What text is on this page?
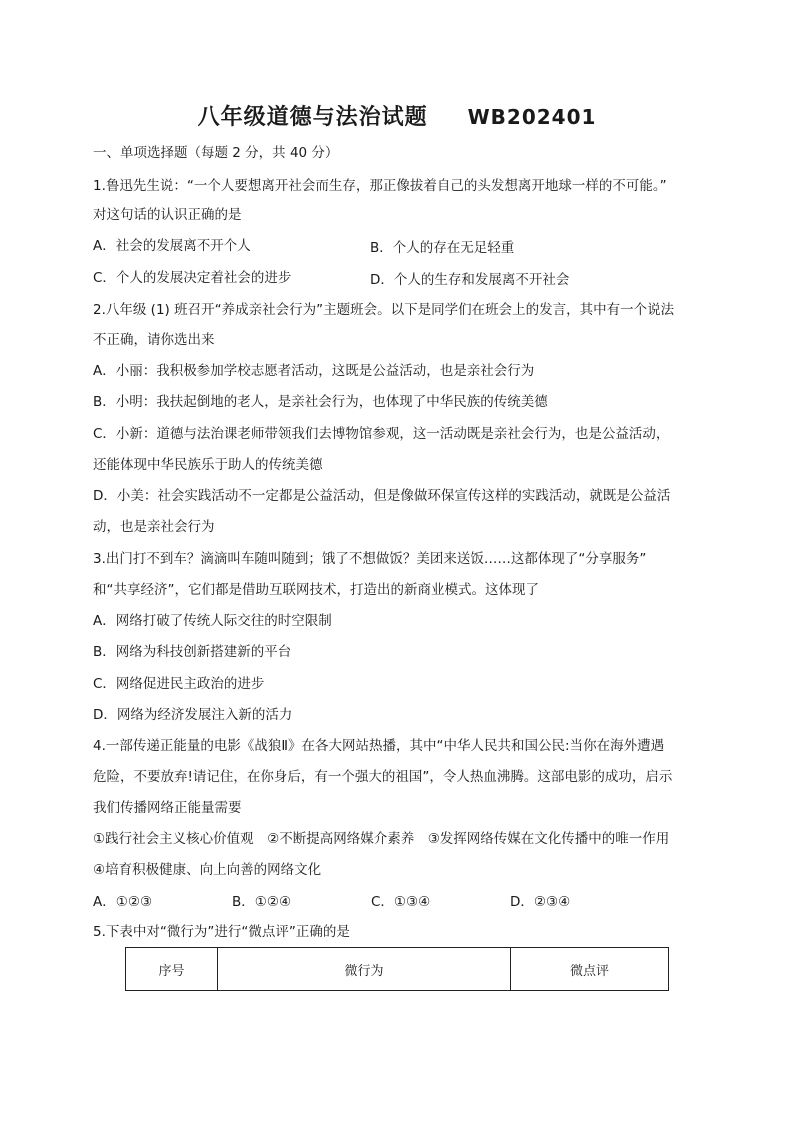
八年级道德与法治试题 WB202401
一、单项选择题（每题 2 分，共 40 分）
1.鲁迅先生说：“一个人要想离开社会而生存，那正像拔着自己的头发想离开地球一样的不可能。”
对这句话的认识正确的是
A．社会的发展离不开个人	B．个人的存在无足轻重
C．个人的发展决定着社会的进步	D．个人的生存和发展离不开社会
2.八年级 (1) 班召开“养成亲社会行为”主题班会。以下是同学们在班会上的发言，其中有一个说法
不正确，请你选出来
A．小丽：我积极参加学校志愿者活动，这既是公益活动，也是亲社会行为
B．小明：我扶起倒地的老人，是亲社会行为，也体现了中华民族的传统美德
C．小新：道德与法治课老师带领我们去博物馆参观，这一活动既是亲社会行为，也是公益活动，
还能体现中华民族乐于助人的传统美德
D．小美：社会实践活动不一定都是公益活动，但是像做环保宣传这样的实践活动，就既是公益活
动，也是亲社会行为
3.出门打不到车？滴滴叫车随叫随到；饿了不想做饭？美团来送饭……这都体现了“分享服务”
和“共享经济”，它们都是借助互联网技术，打造出的新商业模式。这体现了
A．网络打破了传统人际交往的时空限制
B．网络为科技创新搭建新的平台
C．网络促进民主政治的进步
D．网络为经济发展注入新的活力
4.一部传递正能量的电影《战狼Ⅱ》在各大网站热播，其中“中华人民共和国公民:当你在海外遭遇
危险，不要放弃!请记住，在你身后，有一个强大的祖国”，令人热血沸腾。这部电影的成功，启示
我们传播网络正能量需要
①践行社会主义核心价值观　②不断提高网络媒介素养　③发挥网络传媒在文化传播中的唯一作用
④培育积极健康、向上向善的网络文化
A．①②③	B．①②④	C．①③④	D．②③④
5.下表中对“微行为”进行“微点评”正确的是
序号	微行为	微点评
